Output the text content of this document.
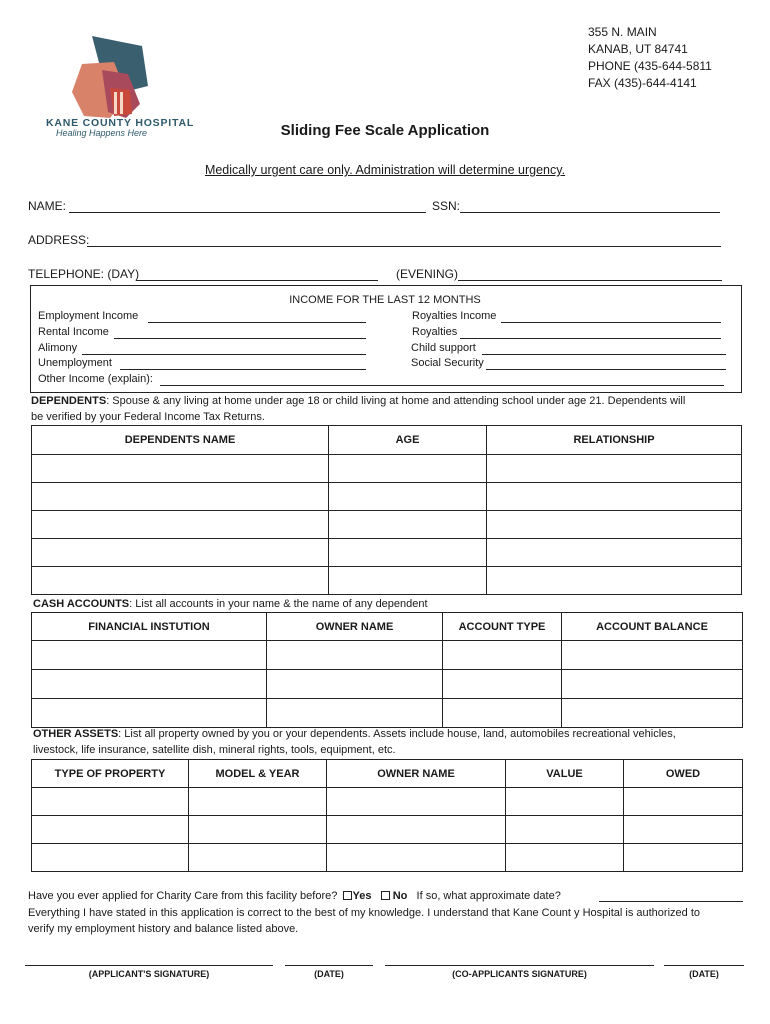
KANE COUNTY HOSPITAL
Healing Happens Here
355 N. MAIN
KANAB, UT 84741
PHONE (435-644-5811
FAX (435)-644-4141
Sliding Fee Scale Application
Medically urgent care only. Administration will determine urgency.
NAME:	SSN:
ADDRESS:
TELEPHONE: (DAY)	(EVENING)
INCOME FOR THE LAST 12 MONTHS
Employment Income
Rental Income
Alimony
Unemployment
Royalties Income
Royalties
Child support
Social Security
Other Income (explain):
DEPENDENTS: Spouse & any living at home under age 18 or child living at home and attending school under age 21. Dependents will
be verified by your Federal Income Tax Returns.
DEPENDENTS NAME	AGE	RELATIONSHIP

CASH ACCOUNTS: List all accounts in your name & the name of any dependent
FINANCIAL INSTUTION	OWNER NAME	ACCOUNT TYPE	ACCOUNT BALANCE

OTHER ASSETS: List all property owned by you or your dependents. Assets include house, land, automobiles recreational vehicles,
livestock, life insurance, satellite dish, mineral rights, tools, equipment, etc.
TYPE OF PROPERTY	MODEL & YEAR	OWNER NAME	VALUE	OWED

Have you ever applied for Charity Care from this facility before? Yes No If so, what approximate date?
Everything I have stated in this application is correct to the best of my knowledge. I understand that Kane Count y Hospital is authorized to
verify my employment history and balance listed above.
(APPLICANT'S SIGNATURE)	(DATE)	(CO-APPLICANTS SIGNATURE)	(DATE)
